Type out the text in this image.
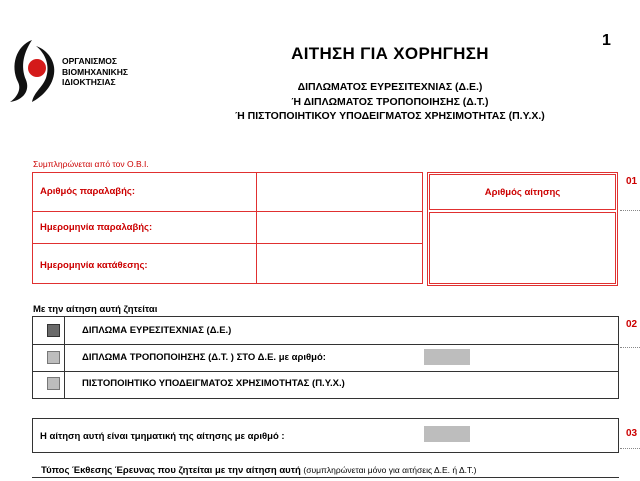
ΟΡΓΑΝΙΣΜΟΣ
ΒΙΟΜΗΧΑΝΙΚΗΣ
ΙΔΙΟΚΤΗΣΙΑΣ
ΑΙΤΗΣΗ ΓΙΑ ΧΟΡΗΓΗΣΗ
1
ΔΙΠΛΩΜΑΤΟΣ ΕΥΡΕΣΙΤΕΧΝΙΑΣ (Δ.Ε.)
Ή ΔΙΠΛΩΜΑΤΟΣ ΤΡΟΠΟΠΟΙΗΣΗΣ (Δ.Τ.)
Ή ΠΙΣΤΟΠΟΙΗΤΙΚΟΥ ΥΠΟΔΕΙΓΜΑΤΟΣ ΧΡΗΣΙΜΟΤΗΤΑΣ (Π.Υ.Χ.)
Συμπληρώνεται από τον Ο.Β.Ι.
01
Αριθμός παραλαβής:
Ημερομηνία παραλαβής:
Ημερομηνία κατάθεσης:
Αριθμός αίτησης
Με την αίτηση αυτή ζητείται
02
ΔΙΠΛΩΜΑ ΕΥΡΕΣΙΤΕΧΝΙΑΣ (Δ.Ε.)
ΔΙΠΛΩΜΑ ΤΡΟΠΟΠΟΙΗΣΗΣ (Δ.Τ. ) ΣΤΟ Δ.Ε. με αριθμό:
ΠΙΣΤΟΠΟΙΗΤΙΚΟ ΥΠΟΔΕΙΓΜΑΤΟΣ ΧΡΗΣΙΜΟΤΗΤΑΣ (Π.Υ.Χ.)
03
Η αίτηση αυτή είναι τμηματική της αίτησης με αριθμό :
Τύπος Έκθεσης Έρευνας που ζητείται με την αίτηση αυτή (συμπληρώνεται μόνο για αιτήσεις Δ.Ε. ή Δ.Τ.)
